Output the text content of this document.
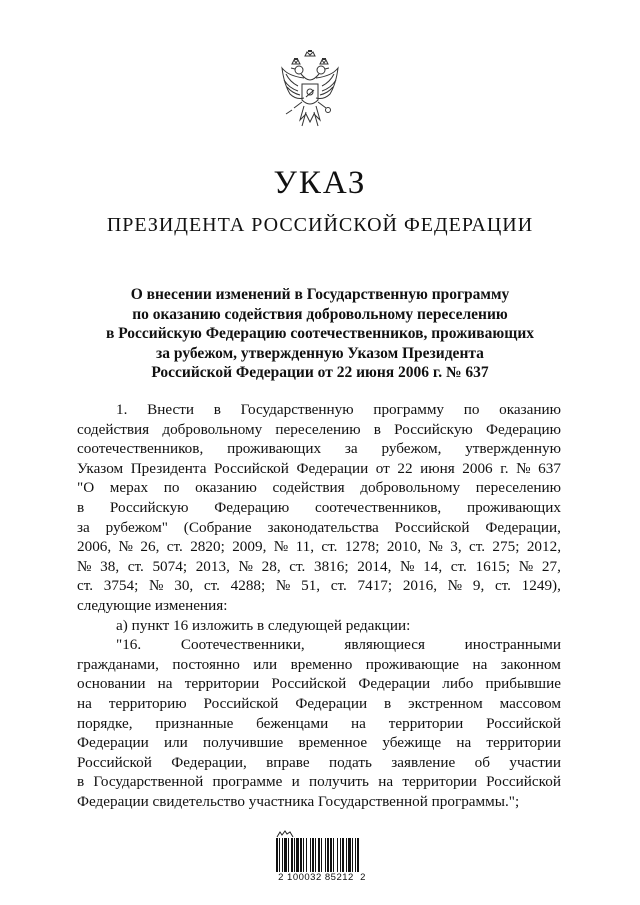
УКАЗ
ПРЕЗИДЕНТА РОССИЙСКОЙ ФЕДЕРАЦИИ
О внесении изменений в Государственную программу
по оказанию содействия добровольному переселению
в Российскую Федерацию соотечественников, проживающих
за рубежом, утвержденную Указом Президента
Российской Федерации от 22 июня 2006 г. № 637
1. Внести в Государственную программу по оказанию
содействия добровольному переселению в Российскую Федерацию
соотечественников, проживающих за рубежом, утвержденную
Указом Президента Российской Федерации от 22 июня 2006 г. № 637
"О мерах по оказанию содействия добровольному переселению
в Российскую Федерацию соотечественников, проживающих
за рубежом" (Собрание законодательства Российской Федерации,
2006, № 26, ст. 2820; 2009, № 11, ст. 1278; 2010, № 3, ст. 275; 2012,
№ 38, ст. 5074; 2013, № 28, ст. 3816; 2014, № 14, ст. 1615; № 27,
ст. 3754; № 30, ст. 4288; № 51, ст. 7417; 2016, № 9, ст. 1249),
следующие изменения:
а) пункт 16 изложить в следующей редакции:
"16.	Соотечественники,	являющиеся	иностранными
гражданами, постоянно или временно проживающие на законном
основании на территории Российской Федерации либо прибывшие
на территорию Российской Федерации в экстренном массовом
порядке, признанные беженцами на территории Российской
Федерации или получившие временное убежище на территории
Российской Федерации, вправе подать заявление об участии
в Государственной программе и получить на территории Российской
Федерации свидетельство участника Государственной программы.";
2 100032 85212  2
